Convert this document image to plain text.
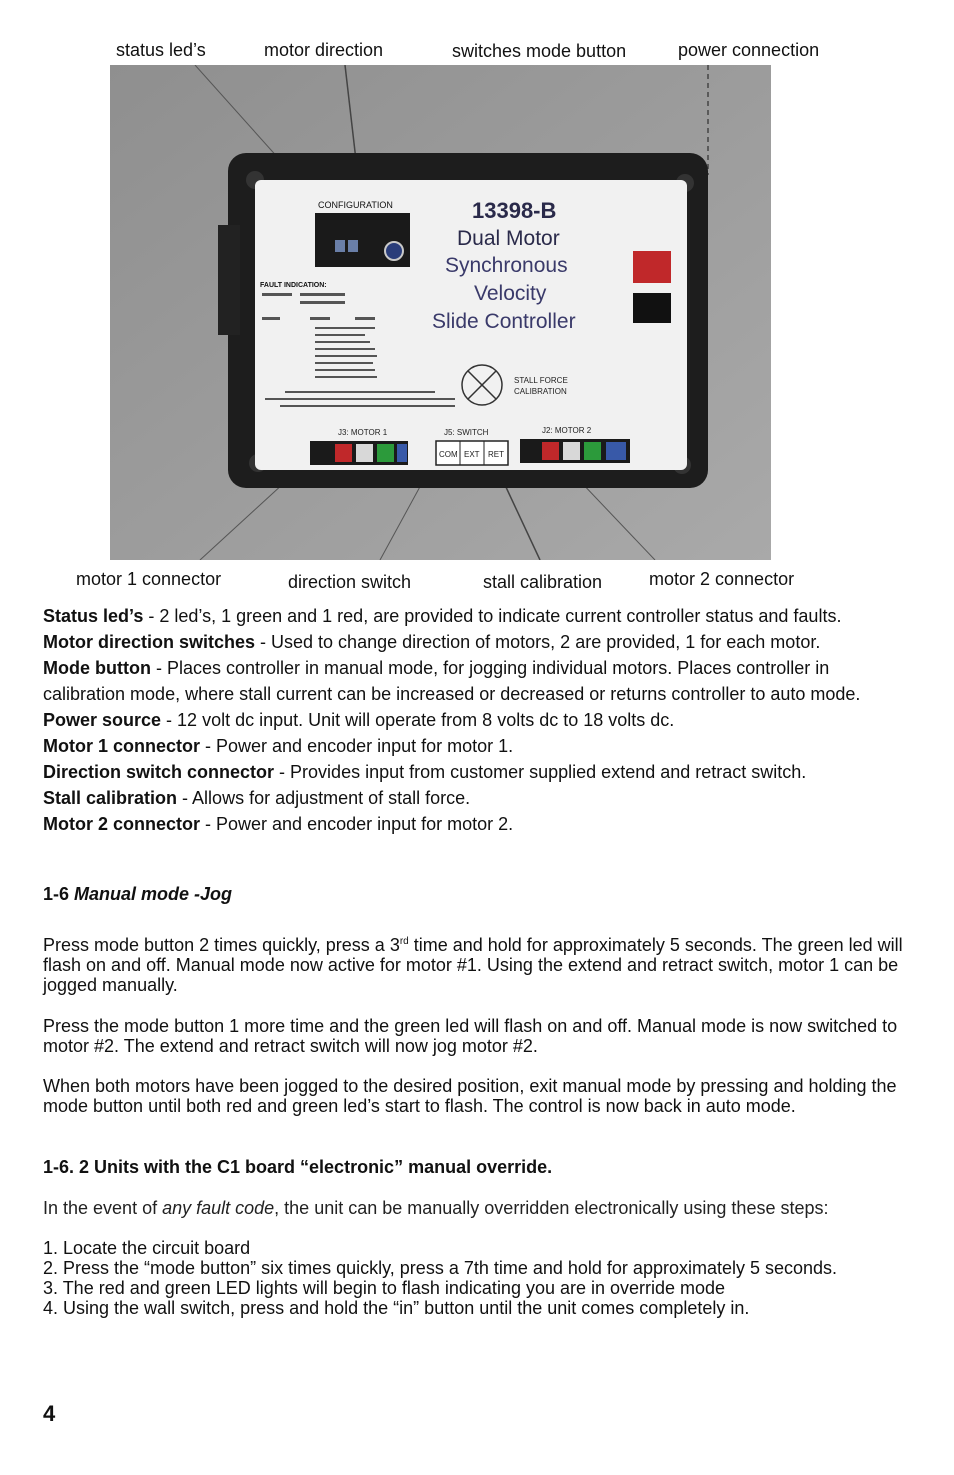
status led’s	motor direction	switches mode button	power connection
CONFIGURATION	13398-B
Dual Motor
Synchronous
Velocity
Slide Controller
FAULT INDICATION:
STALL FORCE
CALIBRATION
J3: MOTOR 1	J5: SWITCH	J2: MOTOR 2
COM EXT RET
motor 1 connector	direction switch	stall calibration	motor 2 connector

Status led’s - 2 led’s, 1 green and 1 red, are provided to indicate current controller status and faults.

Motor direction switches - Used to change direction of motors, 2 are provided, 1 for each motor.

Mode button - Places controller in manual mode, for jogging individual motors. Places controller in calibration mode, where stall current can be increased or decreased or returns controller to auto mode.

Power source - 12 volt dc input. Unit will operate from 8 volts dc to 18 volts dc.

Motor 1 connector - Power and encoder input for motor 1.

Direction switch connector - Provides input from customer supplied extend and retract switch.

Stall calibration - Allows for adjustment of stall force.

Motor 2 connector - Power and encoder input for motor 2.

1-6 Manual mode -Jog

Press mode button 2 times quickly, press a 3rd time and hold for approximately 5 seconds. The green led will flash on and off. Manual mode now active for motor #1. Using the extend and retract switch, motor 1 can be jogged manually.

Press the mode button 1 more time and the green led will flash on and off. Manual mode is now switched to motor #2. The extend and retract switch will now jog motor #2.

When both motors have been jogged to the desired position, exit manual mode by pressing and holding the mode button until both red and green led’s start to flash. The control is now back in auto mode.

1-6. 2 Units with the C1 board “electronic” manual override.

In the event of any fault code, the unit can be manually overridden electronically using these steps:

1. Locate the circuit board

2. Press the “mode button” six times quickly, press a 7th time and hold for approximately 5 seconds.

3. The red and green LED lights will begin to flash indicating you are in override mode

4. Using the wall switch, press and hold the “in” button until the unit comes completely in.

4
